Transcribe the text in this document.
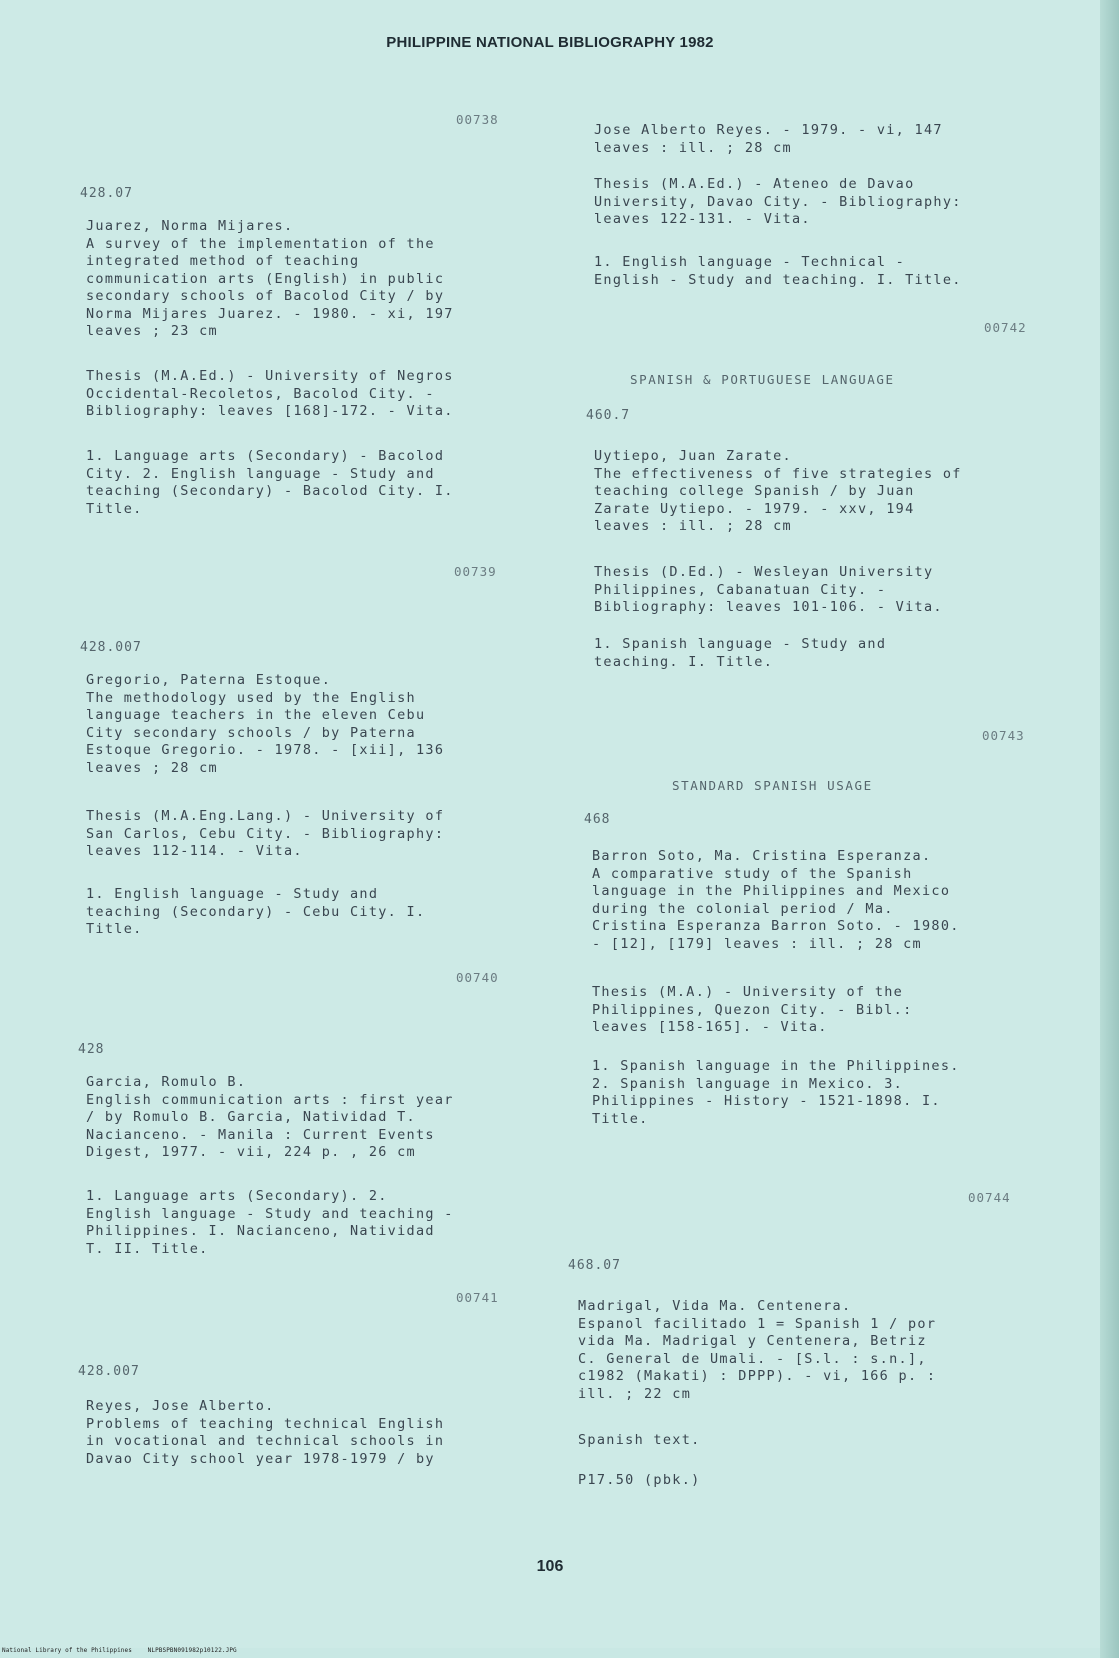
PHILIPPINE NATIONAL BIBLIOGRAPHY 1982
00738
428.07
Juarez, Norma Mijares.
A survey of the implementation of the
integrated method of teaching
communication arts (English) in public
secondary schools of Bacolod City / by
Norma Mijares Juarez. - 1980. - xi, 197
leaves ; 23 cm
Thesis (M.A.Ed.) - University of Negros
Occidental-Recoletos, Bacolod City. -
Bibliography: leaves [168]-172. - Vita.
1. Language arts (Secondary) - Bacolod
City. 2. English language - Study and
teaching (Secondary) - Bacolod City. I.
Title.
00739
428.007
Gregorio, Paterna Estoque.
The methodology used by the English
language teachers in the eleven Cebu
City secondary schools / by Paterna
Estoque Gregorio. - 1978. - [xii], 136
leaves ; 28 cm
Thesis (M.A.Eng.Lang.) - University of
San Carlos, Cebu City. - Bibliography:
leaves 112-114. - Vita.
1. English language - Study and
teaching (Secondary) - Cebu City. I.
Title.
00740
428
Garcia, Romulo B.
English communication arts : first year
/ by Romulo B. Garcia, Natividad T.
Nacianceno. - Manila : Current Events
Digest, 1977. - vii, 224 p. , 26 cm
1. Language arts (Secondary). 2.
English language - Study and teaching -
Philippines. I. Nacianceno, Natividad
T. II. Title.
00741
428.007
Reyes, Jose Alberto.
Problems of teaching technical English
in vocational and technical schools in
Davao City school year 1978-1979 / by
Jose Alberto Reyes. - 1979. - vi, 147
leaves : ill. ; 28 cm
Thesis (M.A.Ed.) - Ateneo de Davao
University, Davao City. - Bibliography:
leaves 122-131. - Vita.
1. English language - Technical -
English - Study and teaching. I. Title.
00742
SPANISH & PORTUGUESE LANGUAGE
460.7
Uytiepo, Juan Zarate.
The effectiveness of five strategies of
teaching college Spanish / by Juan
Zarate Uytiepo. - 1979. - xxv, 194
leaves : ill. ; 28 cm
Thesis (D.Ed.) - Wesleyan University
Philippines, Cabanatuan City. -
Bibliography: leaves 101-106. - Vita.
1. Spanish language - Study and
teaching. I. Title.
00743
STANDARD SPANISH USAGE
468
Barron Soto, Ma. Cristina Esperanza.
A comparative study of the Spanish
language in the Philippines and Mexico
during the colonial period / Ma.
Cristina Esperanza Barron Soto. - 1980.
- [12], [179] leaves : ill. ; 28 cm
Thesis (M.A.) - University of the
Philippines, Quezon City. - Bibl.:
leaves [158-165]. - Vita.
1. Spanish language in the Philippines.
2. Spanish language in Mexico. 3.
Philippines - History - 1521-1898. I.
Title.
00744
468.07
Madrigal, Vida Ma. Centenera.
Espanol facilitado 1 = Spanish 1 / por
vida Ma. Madrigal y Centenera, Betriz
C. General de Umali. - [S.l. : s.n.],
c1982 (Makati) : DPPP). - vi, 166 p. :
ill. ; 22 cm
Spanish text.
P17.50 (pbk.)
106
National Library of the Philippines	NLPBSPBN091982p10122.JPG
